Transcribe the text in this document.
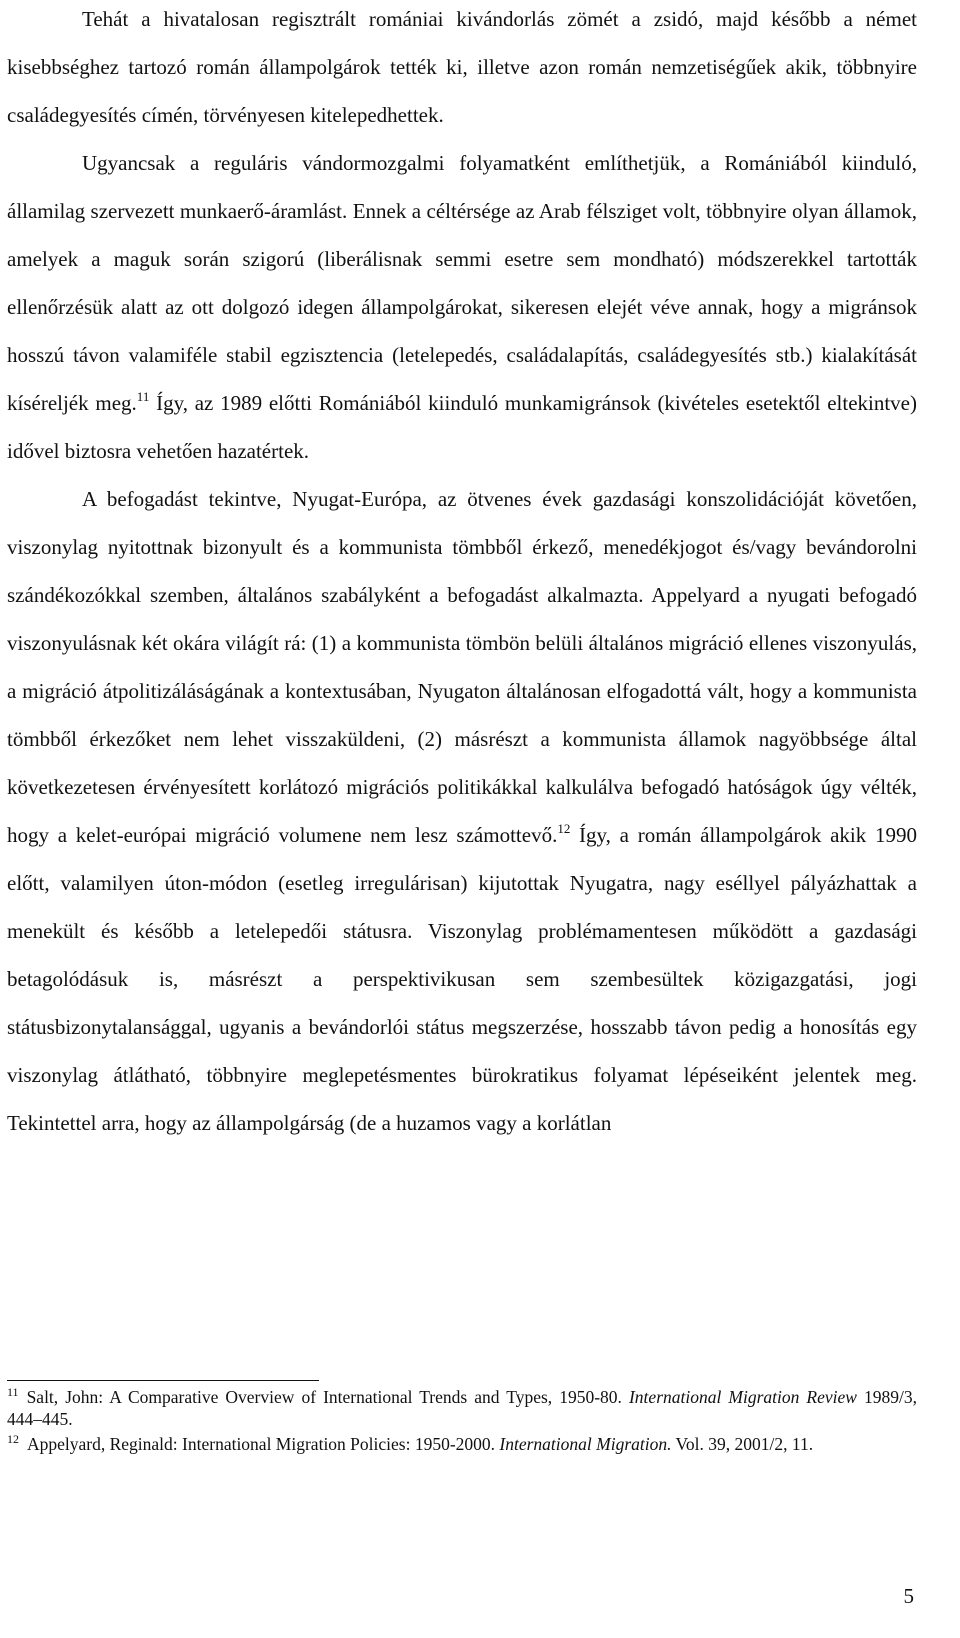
Tehát a hivatalosan regisztrált romániai kivándorlás zömét a zsidó, majd később a német kisebbséghez tartozó román állampolgárok tették ki, illetve azon román nemzetiségűek akik, többnyire családegyesítés címén, törvényesen kitelepedhettek.

Ugyancsak a reguláris vándormozgalmi folyamatként említhetjük, a Romániából kiinduló, államilag szervezett munkaerő-áramlást. Ennek a céltérsége az Arab félsziget volt, többnyire olyan államok, amelyek a maguk során szigorú (liberálisnak semmi esetre sem mondható) módszerekkel tartották ellenőrzésük alatt az ott dolgozó idegen állampolgárokat, sikeresen elejét véve annak, hogy a migránsok hosszú távon valamiféle stabil egzisztencia (letelepedés, családalapítás, családegyesítés stb.) kialakítását kíséreljék meg.$^{11}$ Így, az 1989 előtti Romániából kiinduló munkamigránsok (kivételes esetektől eltekintve) idővel biztosra vehetően hazatértek.

A befogadást tekintve, Nyugat-Európa, az ötvenes évek gazdasági konszolidációját követően, viszonylag nyitottnak bizonyult és a kommunista tömbből érkező, menedékjogot és/vagy bevándorolni szándékozókkal szemben, általános szabályként a befogadást alkalmazta. Appelyard a nyugati befogadó viszonyulásnak két okára világít rá: (1) a kommunista tömbön belüli általános migráció ellenes viszonyulás, a migráció átpolitizáláságának a kontextusában, Nyugaton általánosan elfogadottá vált, hogy a kommunista tömbből érkezőket nem lehet visszaküldeni, (2) másrészt a kommunista államok nagyöbbsége által következetesen érvényesített korlátozó migrációs politikákkal kalkulálva befogadó hatóságok úgy vélték, hogy a kelet-európai migráció volumene nem lesz számottevő.$^{12}$ Így, a román állampolgárok akik 1990 előtt, valamilyen úton-módon (esetleg irregulárisan) kijutottak Nyugatra, nagy eséllyel pályázhattak a menekült és később a letelepedői státusra. Viszonylag problémamentesen működött a gazdasági betagolódásuk is, másrészt a perspektivikusan sem szembesültek közigazgatási, jogi státusbizonytalansággal, ugyanis a bevándorlói státus megszerzése, hosszabb távon pedig a honosítás egy viszonylag átlátható, többnyire meglepetésmentes bürokratikus folyamat lépéseiként jelentek meg. Tekintettel arra, hogy az állampolgárság (de a huzamos vagy a korlátlan

$^{11}$ Salt, John: A Comparative Overview of International Trends and Types, 1950-80. International Migration Review 1989/3, 444–445.

$^{12}$ Appelyard, Reginald: International Migration Policies: 1950-2000. International Migration. Vol. 39, 2001/2, 11.

5
